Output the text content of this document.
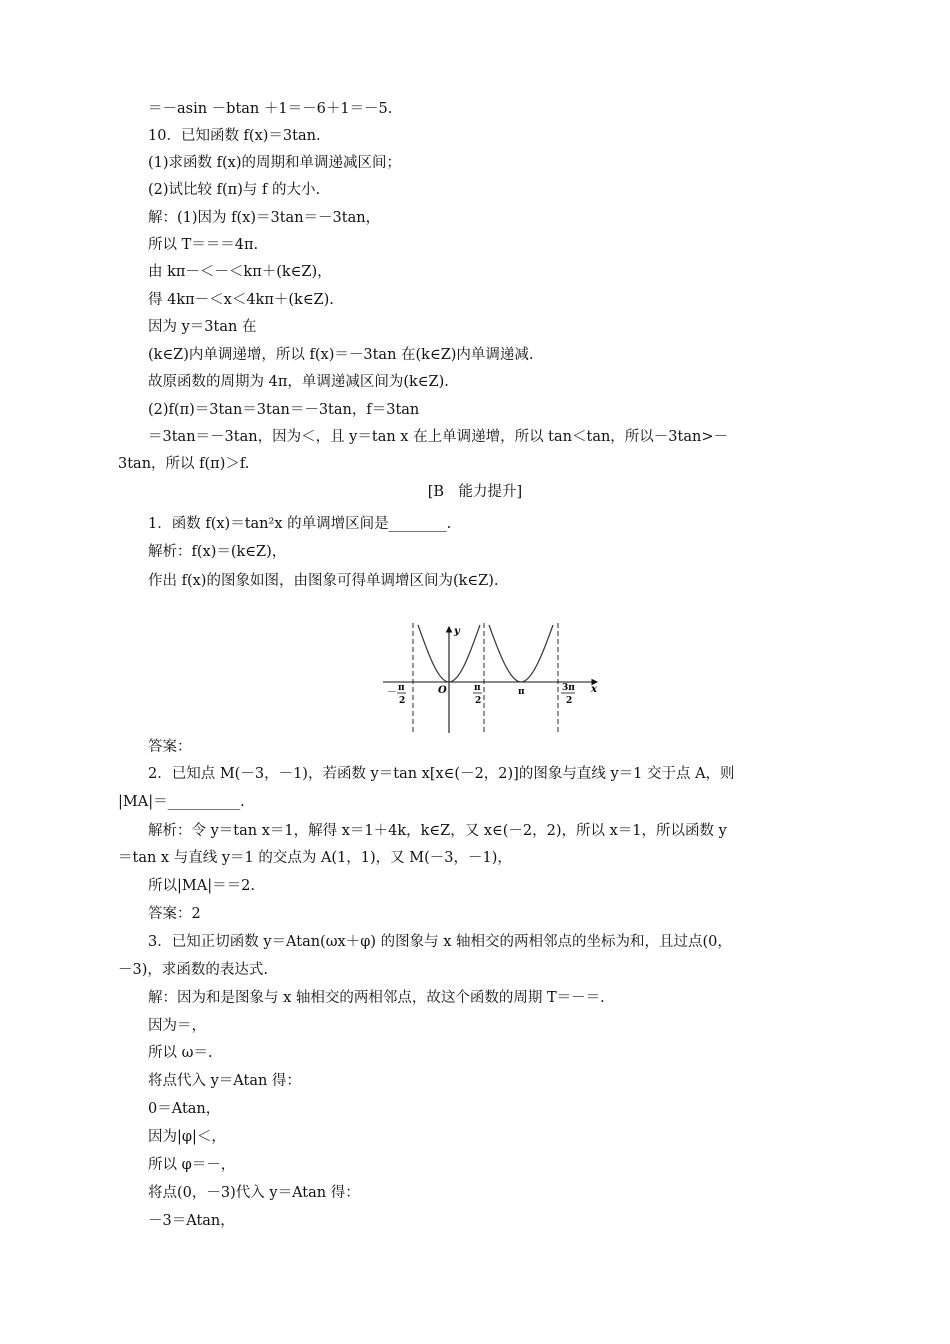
＝－asin －btan ＋1＝－6＋1＝－5.
10．已知函数 f(x)＝3tan.
(1)求函数 f(x)的周期和单调递减区间；
(2)试比较 f(π)与 f 的大小.
解：(1)因为 f(x)＝3tan＝－3tan，
所以 T＝＝＝4π.
由 kπ－＜－＜kπ＋(k∈Z)，
得 4kπ－＜x＜4kπ＋(k∈Z).
因为 y＝3tan 在
(k∈Z)内单调递增，所以 f(x)＝－3tan 在(k∈Z)内单调递减.
故原函数的周期为 4π，单调递减区间为(k∈Z).
(2)f(π)＝3tan＝3tan＝－3tan，f＝3tan
＝3tan＝－3tan，因为＜，且 y＝tan x 在上单调递增，所以 tan＜tan，所以－3tan>－
3tan，所以 f(π)＞f.
[B　能力提升]
1．函数 f(x)＝tan²x 的单调增区间是________.
解析：f(x)＝(k∈Z)，
作出 f(x)的图象如图，由图象可得单调增区间为(k∈Z).
y
x
O
－ π
2
π
2
π	3π
2
答案：
2．已知点 M(－3，－1)，若函数 y＝tan x[x∈(－2，2)]的图象与直线 y＝1 交于点 A，则
|MA|＝__________.
解析：令 y＝tan x＝1，解得 x＝1＋4k，k∈Z，又 x∈(－2，2)，所以 x＝1，所以函数 y
＝tan x 与直线 y＝1 的交点为 A(1，1)，又 M(－3，－1)，
所以|MA|＝＝2.
答案：2
3．已知正切函数 y＝Atan(ωx＋φ) 的图象与 x 轴相交的两相邻点的坐标为和，且过点(0，
－3)，求函数的表达式.
解：因为和是图象与 x 轴相交的两相邻点，故这个函数的周期 T＝－＝.
因为＝，
所以 ω＝.
将点代入 y＝Atan 得：
0＝Atan，
因为|φ|＜，
所以 φ＝－，
将点(0，－3)代入 y＝Atan 得：
－3＝Atan，
